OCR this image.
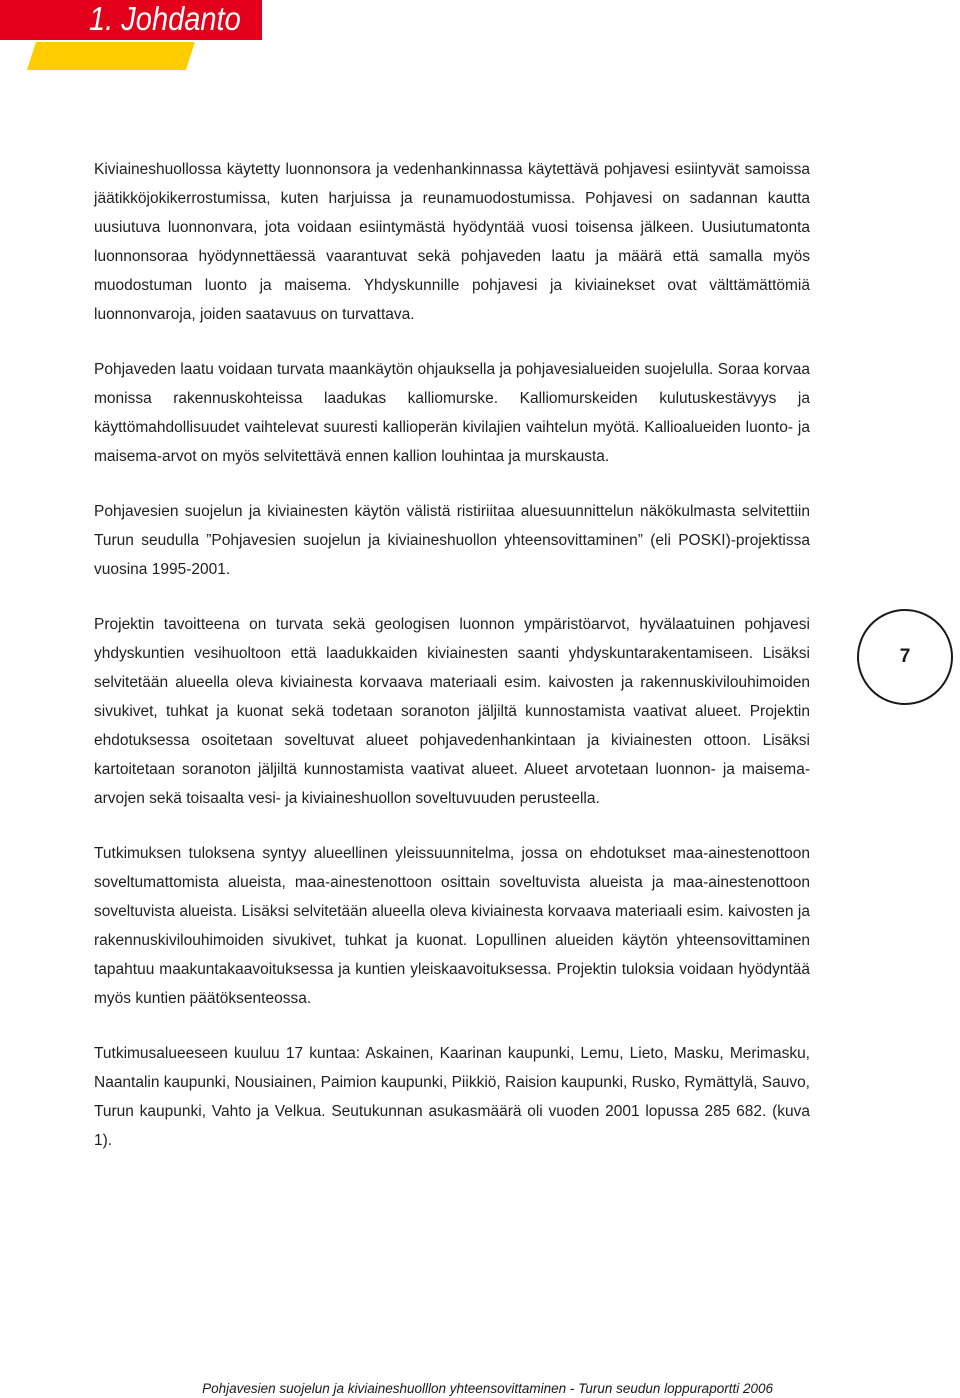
1. Johdanto

Kiviaineshuollossa käytetty luonnonsora ja vedenhankinnassa käytettävä pohjavesi esiintyvät samoissa jäätikköjokikerrostumissa, kuten harjuissa ja reunamuodostumissa. Pohjavesi on sadannan kautta uusiutuva luonnonvara, jota voidaan esiintymästä hyödyntää vuosi toisensa jälkeen. Uusiutumatonta luonnonsoraa hyödynnettäessä vaarantuvat sekä pohjaveden laatu ja määrä että samalla myös muodostuman luonto ja maisema. Yhdyskunnille pohjavesi ja kiviainekset ovat välttämättömiä luonnonvaroja, joiden saatavuus on turvattava.

Pohjaveden laatu voidaan turvata maankäytön ohjauksella ja pohjavesialueiden suojelulla. Soraa korvaa monissa rakennuskohteissa laadukas kalliomurske. Kalliomurskeiden kulutuskestävyys ja käyttömahdollisuudet vaihtelevat suuresti kallioperän kivilajien vaihtelun myötä. Kallioalueiden luonto- ja maisema-arvot on myös selvitettävä ennen kallion louhintaa ja murskausta.

Pohjavesien suojelun ja kiviainesten käytön välistä ristiriitaa aluesuunnittelun näkökulmasta selvitettiin Turun seudulla ”Pohjavesien suojelun ja kiviaineshuollon yhteensovittaminen” (eli POSKI)-projektissa vuosina 1995-2001.

Projektin tavoitteena on turvata sekä geologisen luonnon ympäristöarvot, hyvälaatuinen pohjavesi yhdyskuntien vesihuoltoon että laadukkaiden kiviainesten saanti yhdyskuntarakentamiseen. Lisäksi selvitetään alueella oleva kiviainesta korvaava materiaali esim. kaivosten ja rakennuskivilouhimoiden sivukivet, tuhkat ja kuonat sekä todetaan soranoton jäljiltä kunnostamista vaativat alueet. Projektin ehdotuksessa osoitetaan soveltuvat alueet pohjavedenhankintaan ja kiviainesten ottoon. Lisäksi kartoitetaan soranoton jäljiltä kunnostamista vaativat alueet. Alueet arvotetaan luonnon- ja maisema-arvojen sekä toisaalta vesi- ja kiviaineshuollon soveltuvuuden perusteella.

Tutkimuksen tuloksena syntyy alueellinen yleissuunnitelma, jossa on ehdotukset maa-ainestenottoon soveltumattomista alueista, maa-ainestenottoon osittain soveltuvista alueista ja maa-ainestenottoon soveltuvista alueista. Lisäksi selvitetään alueella oleva kiviainesta korvaava materiaali esim. kaivosten ja rakennuskivilouhimoiden sivukivet, tuhkat ja kuonat. Lopullinen alueiden käytön yhteensovittaminen tapahtuu maakuntakaavoituksessa ja kuntien yleiskaavoituksessa. Projektin tuloksia voidaan hyödyntää myös kuntien päätöksenteossa.

Tutkimusalueeseen kuuluu 17 kuntaa: Askainen, Kaarinan kaupunki, Lemu, Lieto, Masku, Merimasku, Naantalin kaupunki, Nousiainen, Paimion kaupunki, Piikkiö, Raision kaupunki, Rusko, Rymättylä, Sauvo, Turun kaupunki, Vahto ja Velkua. Seutukunnan asukasmäärä oli vuoden 2001 lopussa 285 682. (kuva 1).

7
Pohjavesien suojelun ja kiviaineshuolllon yhteensovittaminen - Turun seudun loppuraportti 2006
